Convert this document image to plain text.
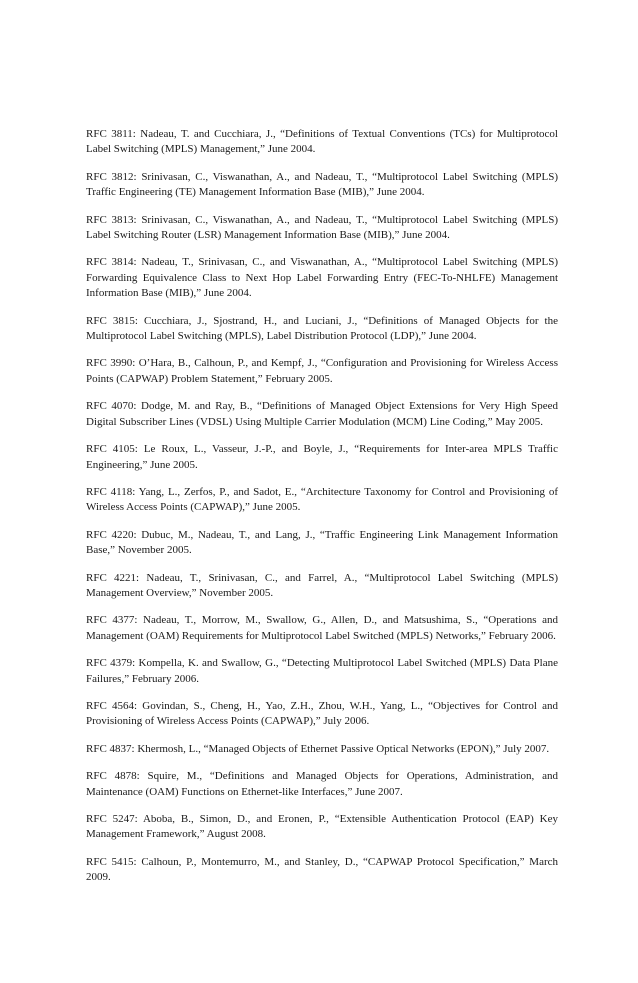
RFC 3811: Nadeau, T. and Cucchiara, J., “Definitions of Textual Conventions (TCs) for Multiprotocol Label Switching (MPLS) Management,” June 2004.
RFC 3812: Srinivasan, C., Viswanathan, A., and Nadeau, T., “Multiprotocol Label Switching (MPLS) Traffic Engineering (TE) Management Information Base (MIB),” June 2004.
RFC 3813: Srinivasan, C., Viswanathan, A., and Nadeau, T., “Multiprotocol Label Switching (MPLS) Label Switching Router (LSR) Management Information Base (MIB),” June 2004.
RFC 3814: Nadeau, T., Srinivasan, C., and Viswanathan, A., “Multiprotocol Label Switching (MPLS) Forwarding Equivalence Class to Next Hop Label Forwarding Entry (FEC-To-NHLFE) Management Information Base (MIB),” June 2004.
RFC 3815: Cucchiara, J., Sjostrand, H., and Luciani, J., “Definitions of Managed Objects for the Multiprotocol Label Switching (MPLS), Label Distribution Protocol (LDP),” June 2004.
RFC 3990: O’Hara, B., Calhoun, P., and Kempf, J., “Configuration and Provisioning for Wireless Access Points (CAPWAP) Problem Statement,” February 2005.
RFC 4070: Dodge, M. and Ray, B., “Definitions of Managed Object Extensions for Very High Speed Digital Subscriber Lines (VDSL) Using Multiple Carrier Modulation (MCM) Line Coding,” May 2005.
RFC 4105: Le Roux, L., Vasseur, J.-P., and Boyle, J., “Requirements for Inter-area MPLS Traffic Engineering,” June 2005.
RFC 4118: Yang, L., Zerfos, P., and Sadot, E., “Architecture Taxonomy for Control and Provisioning of Wireless Access Points (CAPWAP),” June 2005.
RFC 4220: Dubuc, M., Nadeau, T., and Lang, J., “Traffic Engineering Link Management Information Base,” November 2005.
RFC 4221: Nadeau, T., Srinivasan, C., and Farrel, A., “Multiprotocol Label Switching (MPLS) Management Overview,” November 2005.
RFC 4377: Nadeau, T., Morrow, M., Swallow, G., Allen, D., and Matsushima, S., “Operations and Management (OAM) Requirements for Multiprotocol Label Switched (MPLS) Networks,” February 2006.
RFC 4379: Kompella, K. and Swallow, G., “Detecting Multiprotocol Label Switched (MPLS) Data Plane Failures,” February 2006.
RFC 4564: Govindan, S., Cheng, H., Yao, Z.H., Zhou, W.H., Yang, L., “Objectives for Control and Provisioning of Wireless Access Points (CAPWAP),” July 2006.
RFC 4837: Khermosh, L., “Managed Objects of Ethernet Passive Optical Networks (EPON),” July 2007.
RFC 4878: Squire, M., “Definitions and Managed Objects for Operations, Administration, and Maintenance (OAM) Functions on Ethernet-like Interfaces,” June 2007.
RFC 5247: Aboba, B., Simon, D., and Eronen, P., “Extensible Authentication Protocol (EAP) Key Management Framework,” August 2008.
RFC 5415: Calhoun, P., Montemurro, M., and Stanley, D., “CAPWAP Protocol Specification,” March 2009.
